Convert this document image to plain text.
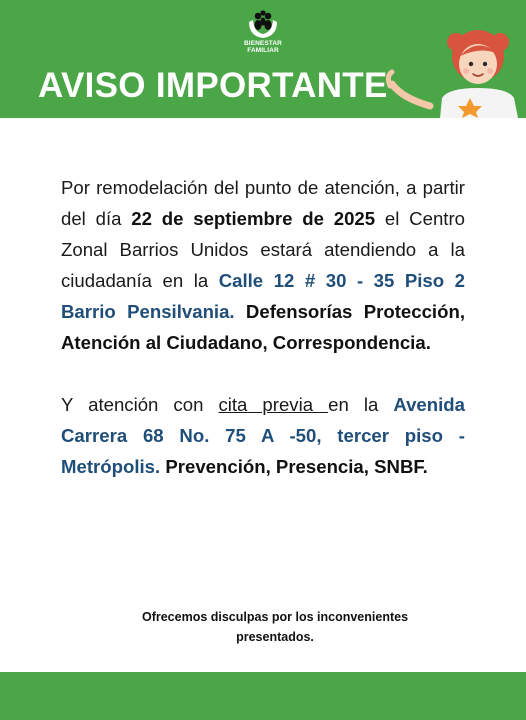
BIENESTAR
FAMILIAR
AVISO IMPORTANTE

Por remodelación del punto de atención, a partir del día 22 de septiembre de 2025 el Centro Zonal Barrios Unidos estará atendiendo a la ciudadanía en la Calle 12 # 30 - 35 Piso 2 Barrio Pensilvania. Defensorías Protección, Atención al Ciudadano, Correspondencia.

Y atención con cita previa en la Avenida Carrera 68 No. 75 A -50, tercer piso - Metrópolis. Prevención, Presencia, SNBF.

Ofrecemos disculpas por los inconvenientes presentados.
